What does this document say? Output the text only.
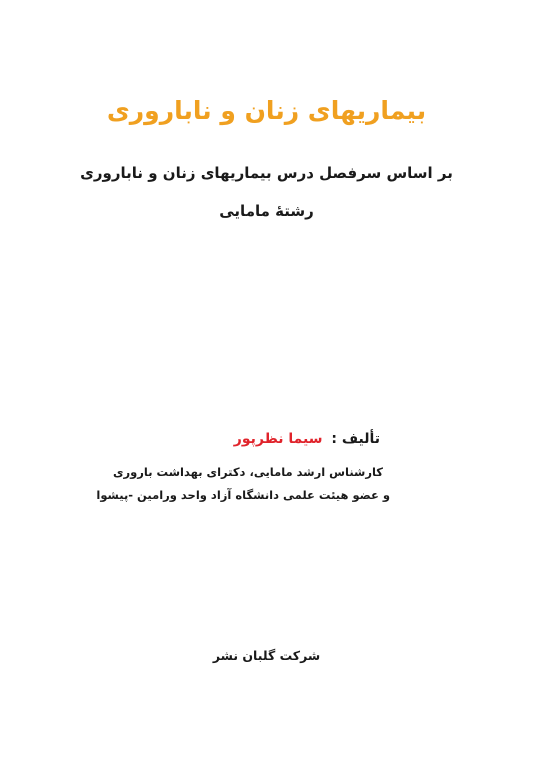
بیماریهای زنان و ناباروری
بر اساس سرفصل درس بیماریهای زنان و ناباروری
رشتهٔ مامایی
تألیف : سیما نظرپور
کارشناس ارشد مامایی، دکترای بهداشت باروری
و عضو هیئت علمی دانشگاه آزاد واحد ورامین -پیشوا
شرکت گلبان نشر
